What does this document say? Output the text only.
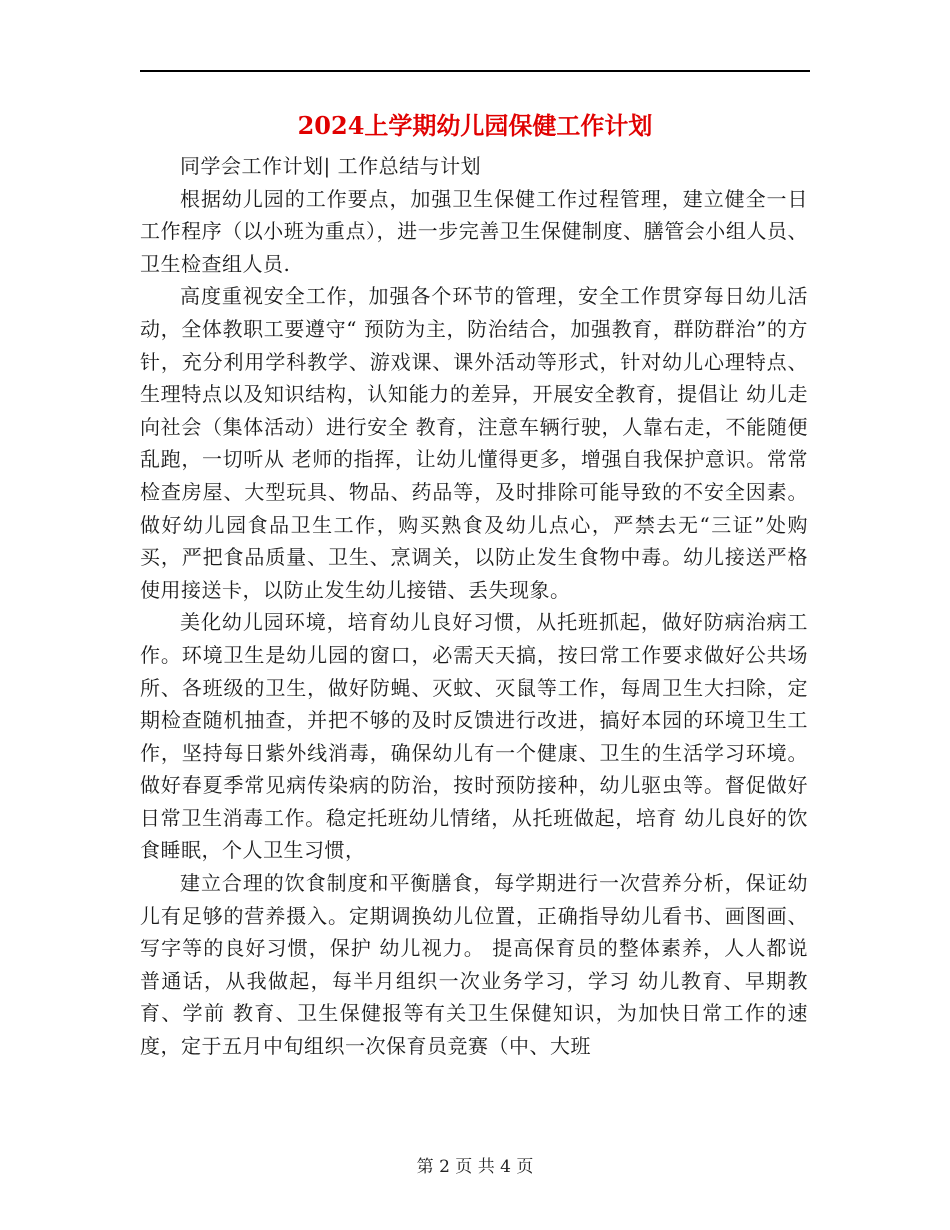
2024上学期幼儿园保健工作计划

同学会工作计划| 工作总结与计划

根据幼儿园的工作要点，加强卫生保健工作过程管理，建立健全一日工作程序（以小班为重点），进一步完善卫生保健制度、膳管会小组人员、卫生检查组人员.

高度重视安全工作，加强各个环节的管理，安全工作贯穿每日幼儿活动，全体教职工要遵守“ 预防为主，防治结合，加强教育，群防群治”的方针，充分利用学科教学、游戏课、课外活动等形式，针对幼儿心理特点、生理特点以及知识结构，认知能力的差异，开展安全教育，提倡让 幼儿走向社会（集体活动）进行安全 教育，注意车辆行驶，人靠右走，不能随便乱跑，一切听从 老师的指挥，让幼儿懂得更多，增强自我保护意识。常常检查房屋、大型玩具、物品、药品等，及时排除可能导致的不安全因素。做好幼儿园食品卫生工作，购买熟食及幼儿点心，严禁去无“三证”处购买，严把食品质量、卫生、烹调关，以防止发生食物中毒。幼儿接送严格使用接送卡，以防止发生幼儿接错、丢失现象。

美化幼儿园环境，培育幼儿良好习惯，从托班抓起，做好防病治病工作。环境卫生是幼儿园的窗口，必需天天搞，按曰常工作要求做好公共场所、各班级的卫生，做好防蝇、灭蚊、灭鼠等工作，每周卫生大扫除，定期检查随机抽查，并把不够的及时反馈进行改进，搞好本园的环境卫生工作，坚持每日紫外线消毒，确保幼儿有一个健康、卫生的生活学习环境。做好春夏季常见病传染病的防治，按时预防接种，幼儿驱虫等。督促做好日常卫生消毒工作。稳定托班幼儿情绪，从托班做起，培育 幼儿良好的饮食睡眠，个人卫生习惯，

建立合理的饮食制度和平衡膳食，每学期进行一次营养分析，保证幼儿有足够的营养摄入。定期调换幼儿位置，正确指导幼儿看书、画图画、写字等的良好习惯，保护 幼儿视力。 提高保育员的整体素养，人人都说普通话，从我做起，每半月组织一次业务学习，学习 幼儿教育、早期教育、学前 教育、卫生保健报等有关卫生保健知识，为加快日常工作的速度，定于五月中旬组织一次保育员竞赛（中、大班

第 2 页 共 4 页
